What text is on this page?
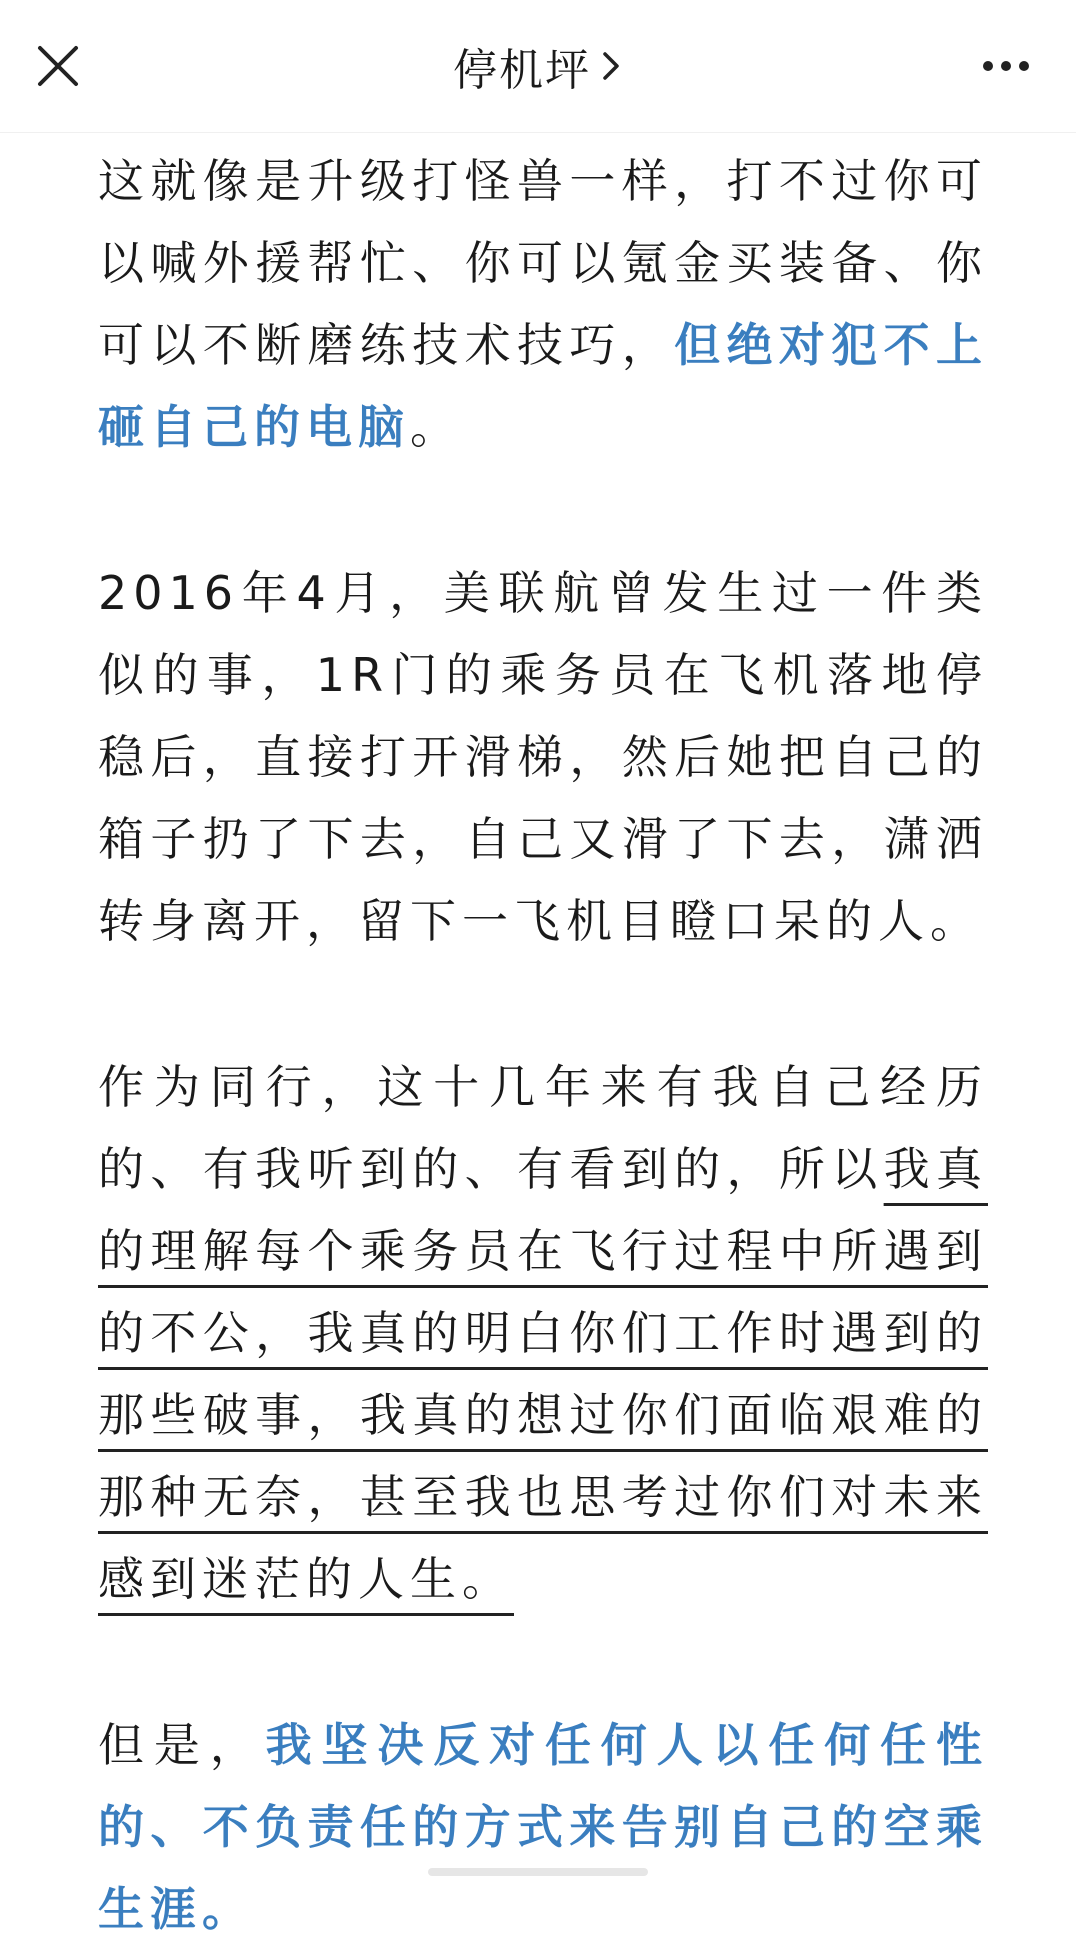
停机坪

这就像是升级打怪兽一样，打不过你可以喊外援帮忙、你可以氪金买装备、你可以不断磨练技术技巧，但绝对犯不上砸自己的电脑。

2016年4月，美联航曾发生过一件类似的事，1R门的乘务员在飞机落地停稳后，直接打开滑梯，然后她把自己的箱子扔了下去，自己又滑了下去，潇洒转身离开，留下一飞机目瞪口呆的人。

作为同行，这十几年来有我自己经历的、有我听到的、有看到的，所以我真的理解每个乘务员在飞行过程中所遇到的不公，我真的明白你们工作时遇到的那些破事，我真的想过你们面临艰难的那种无奈，甚至我也思考过你们对未来感到迷茫的人生。

但是，我坚决反对任何人以任何任性的、不负责任的方式来告别自己的空乘生涯。
